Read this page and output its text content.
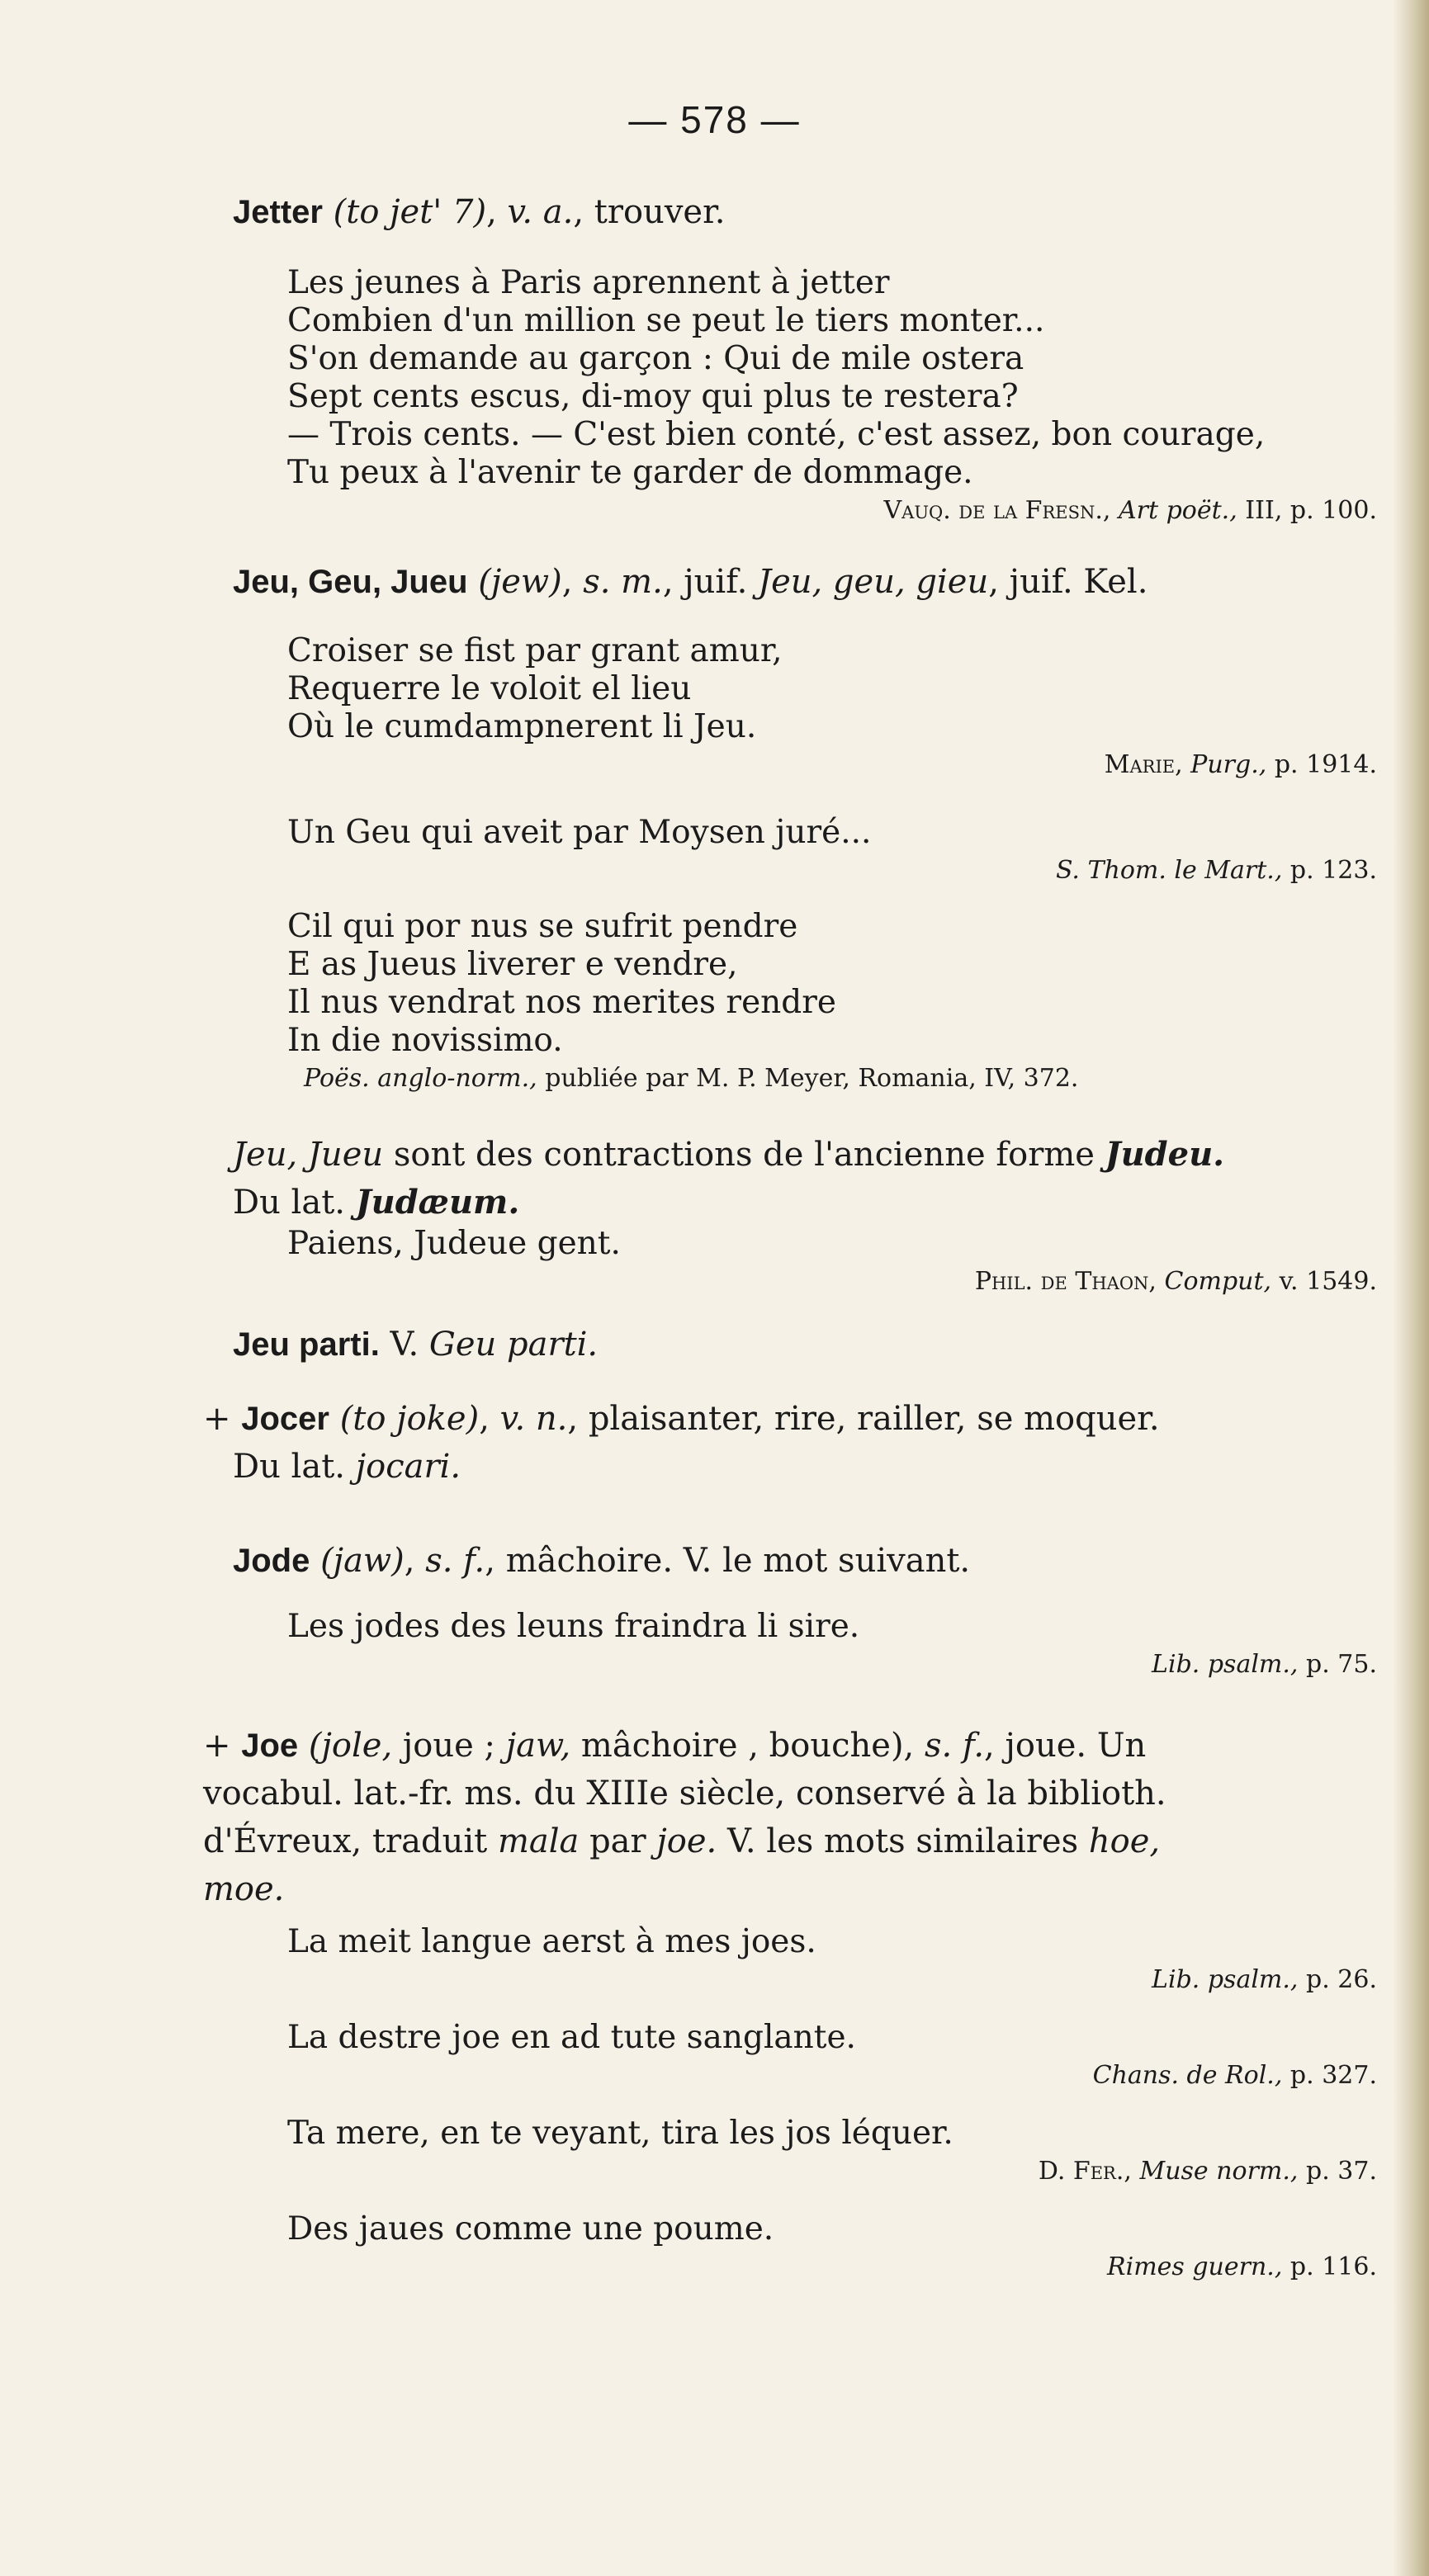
— 578 —
Jetter (to jet' 7), v. a., trouver.
Les jeunes à Paris aprennent à jetter
Combien d'un million se peut le tiers monter...
S'on demande au garçon : Qui de mile ostera
Sept cents escus, di-moy qui plus te restera?
— Trois cents. — C'est bien conté, c'est assez, bon courage,
Tu peux à l'avenir te garder de dommage.
Vauq. de la Fresn., Art poët., III, p. 100.
Jeu, Geu, Jueu (jew), s. m., juif. Jeu, geu, gieu, juif. Kel.
Croiser se fist par grant amur,
Requerre le voloit el lieu
Où le cumdampnerent li Jeu.
Marie, Purg., p. 1914.
Un Geu qui aveit par Moysen juré...
S. Thom. le Mart., p. 123.
Cil qui por nus se sufrit pendre
E as Jueus liverer e vendre,
Il nus vendrat nos merites rendre
In die novissimo.
Poës. anglo-norm., publiée par M. P. Meyer, Romania, IV, 372.
Jeu, Jueu sont des contractions de l'ancienne forme Judeu.
Du lat. Judæum.
Paiens, Judeue gent.
Phil. de Thaon, Comput, v. 1549.
Jeu parti. V. Geu parti.
+ Jocer (to joke), v. n., plaisanter, rire, railler, se moquer.
Du lat. jocari.
Jode (jaw), s. f., mâchoire. V. le mot suivant.
Les jodes des leuns fraindra li sire.
Lib. psalm., p. 75.
+ Joe (jole, joue ; jaw, mâchoire , bouche), s. f., joue. Un
vocabul. lat.-fr. ms. du XIIIe siècle, conservé à la biblioth.
d'Évreux, traduit mala par joe. V. les mots similaires hoe,
moe.
La meit langue aerst à mes joes.
Lib. psalm., p. 26.
La destre joe en ad tute sanglante.
Chans. de Rol., p. 327.
Ta mere, en te veyant, tira les jos léquer.
D. Fer., Muse norm., p. 37.
Des jaues comme une poume.
Rimes guern., p. 116.
